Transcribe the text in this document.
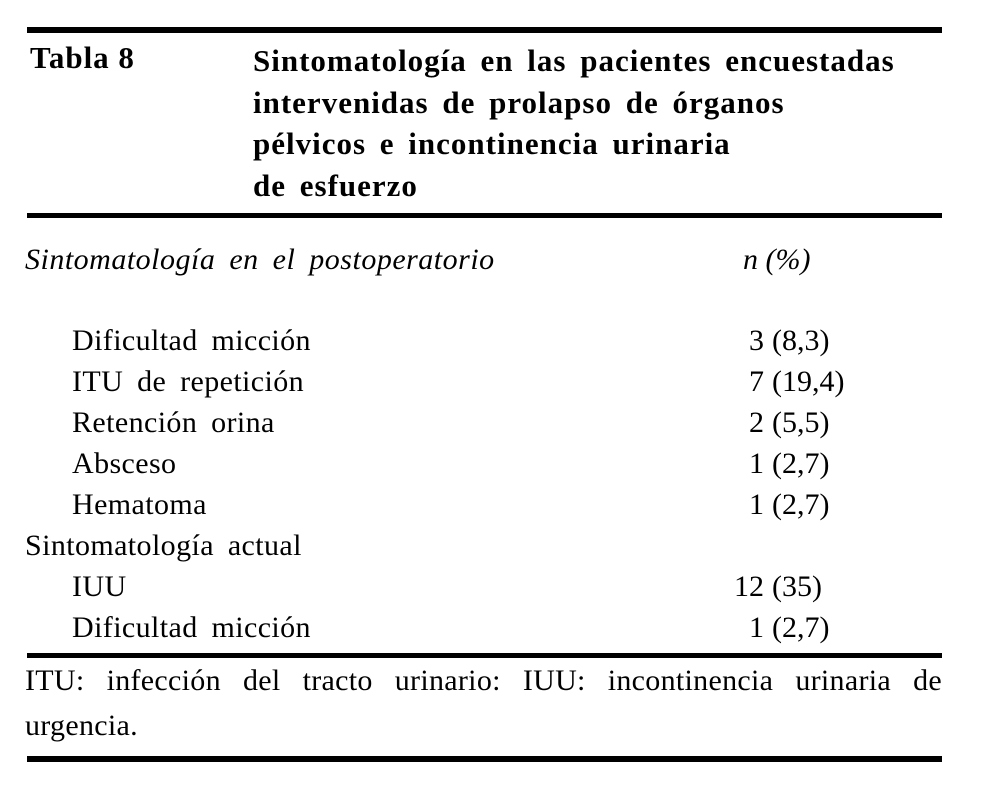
Tabla 8	Sintomatología en las pacientes encuestadas
intervenidas de prolapso de órganos
pélvicos e incontinencia urinaria
de esfuerzo
Sintomatología en el postoperatorio	n (%)
Dificultad micción	3 (8,3)
ITU de repetición	7 (19,4)
Retención orina	2 (5,5)
Absceso	1 (2,7)
Hematoma	1 (2,7)
Sintomatología actual
IUU	12 (35)
Dificultad micción	1 (2,7)
ITU: infección del tracto urinario: IUU: incontinencia urinaria de
urgencia.
